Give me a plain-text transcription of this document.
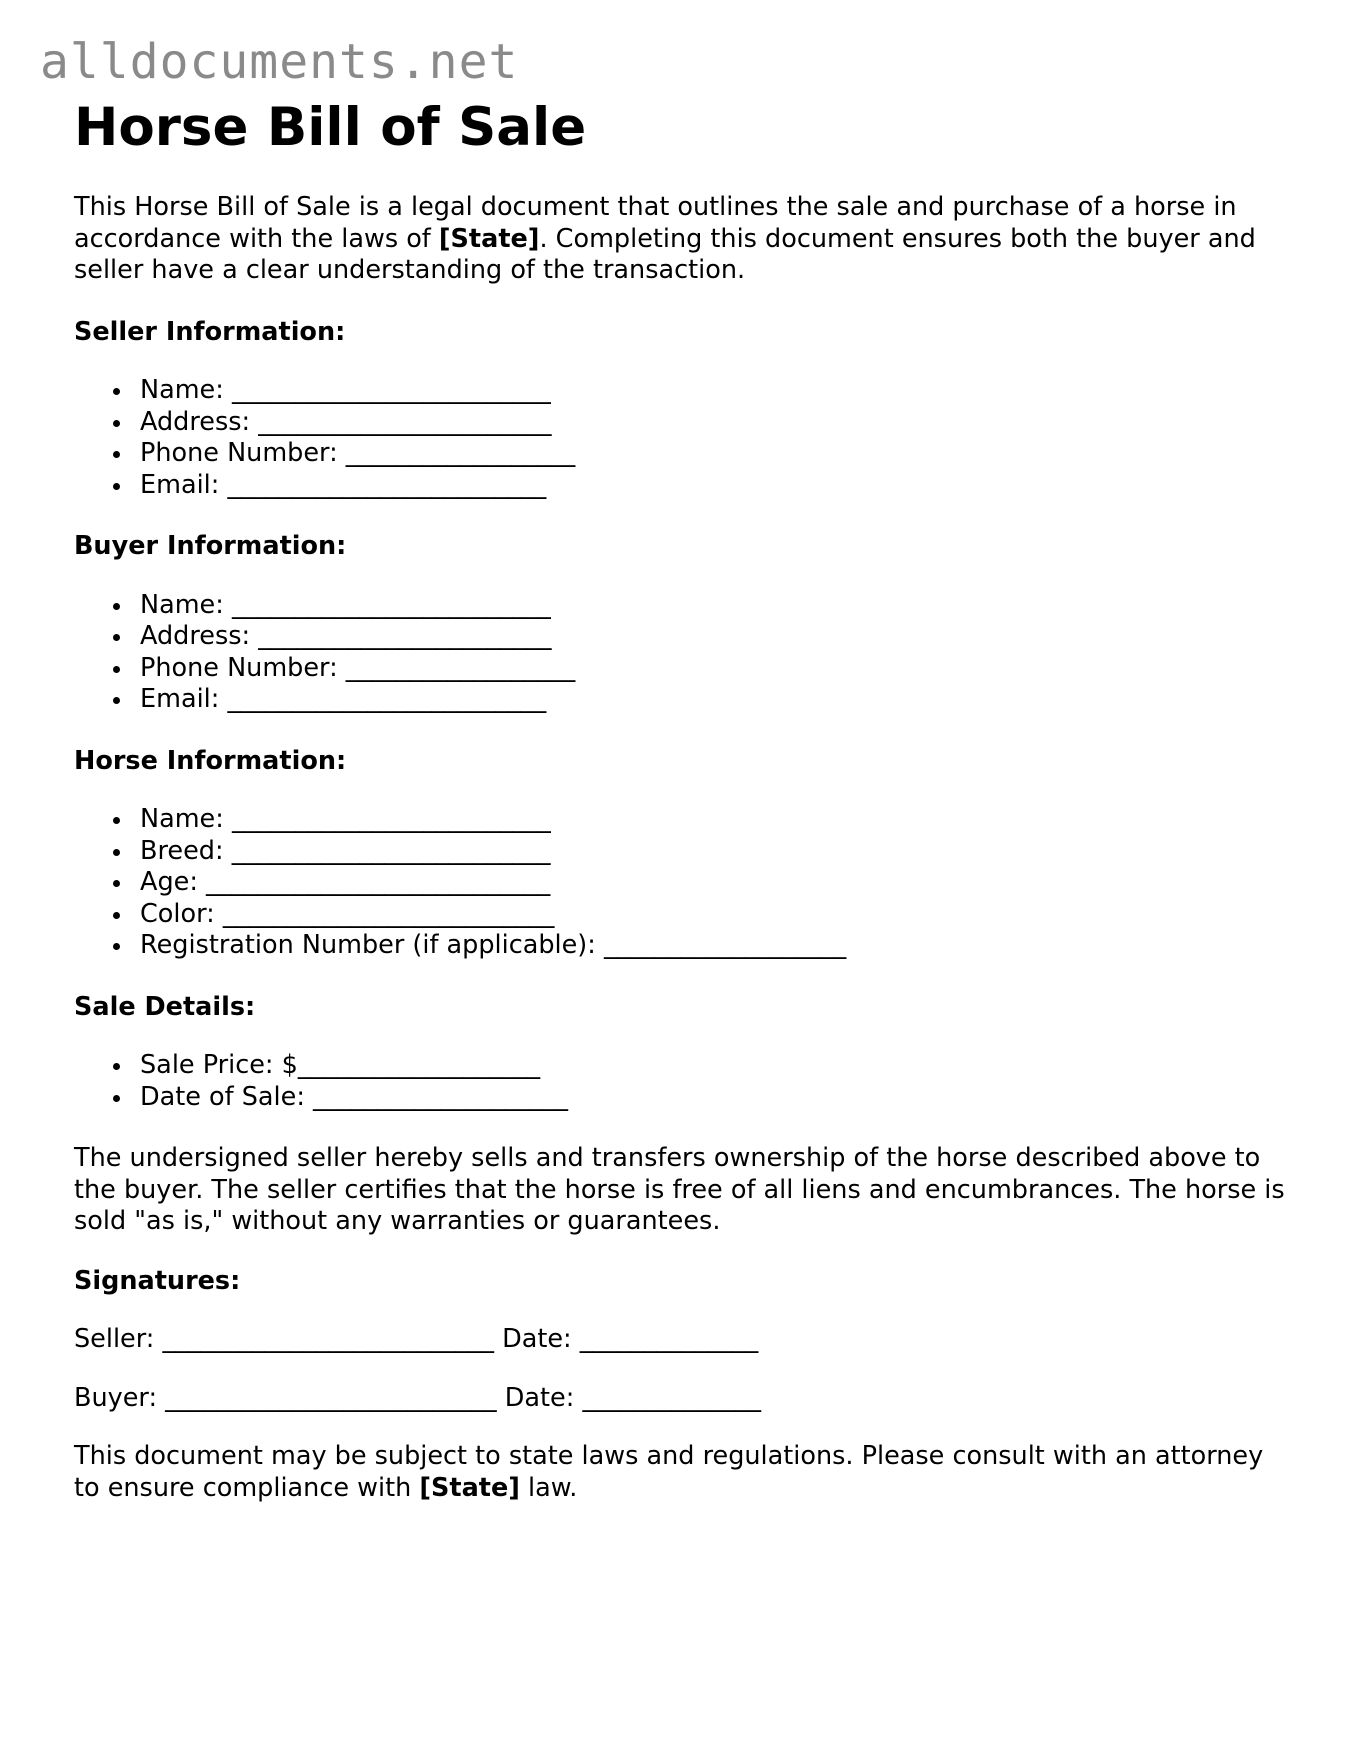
alldocuments.net
Horse Bill of Sale

This Horse Bill of Sale is a legal document that outlines the sale and purchase of a horse in accordance with the laws of [State]. Completing this document ensures both the buyer and seller have a clear understanding of the transaction.

Seller Information:
Name: _________________________
Address: _______________________
Phone Number: __________________
Email: _________________________
Buyer Information:
Name: _________________________
Address: _______________________
Phone Number: __________________
Email: _________________________
Horse Information:
Name: _________________________
Breed: _________________________
Age: ___________________________
Color: __________________________
Registration Number (if applicable): ___________________
Sale Details:
Sale Price: $___________________
Date of Sale: ____________________

The undersigned seller hereby sells and transfers ownership of the horse described above to the buyer. The seller certifies that the horse is free of all liens and encumbrances. The horse is sold "as is," without any warranties or guarantees.

Signatures:

Seller: __________________________ Date: ______________

Buyer: __________________________ Date: ______________

This document may be subject to state laws and regulations. Please consult with an attorney to ensure compliance with [State] law.
